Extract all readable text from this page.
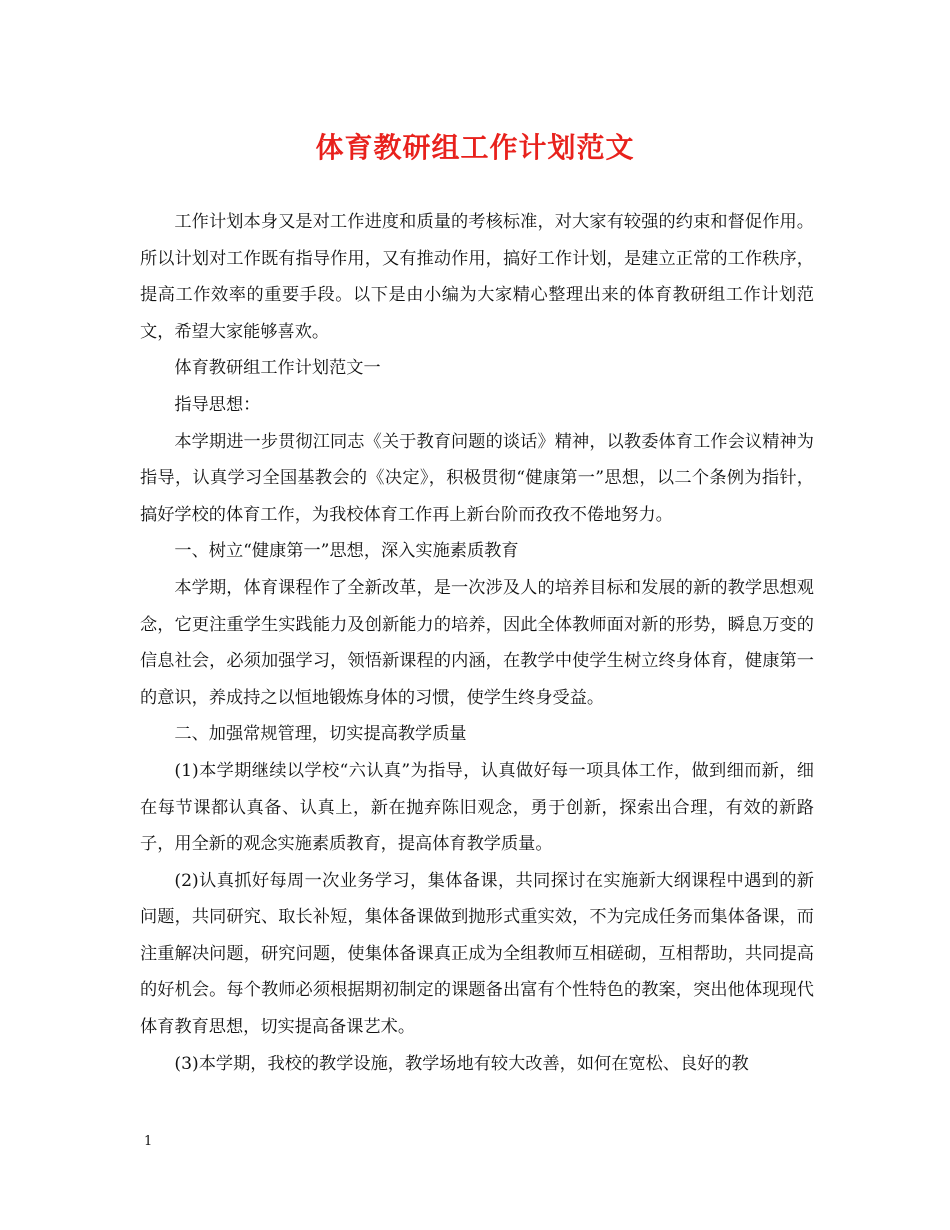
体育教研组工作计划范文

工作计划本身又是对工作进度和质量的考核标准，对大家有较强的约束和督促作用。所以计划对工作既有指导作用，又有推动作用，搞好工作计划，是建立正常的工作秩序，提高工作效率的重要手段。以下是由小编为大家精心整理出来的体育教研组工作计划范文，希望大家能够喜欢。

体育教研组工作计划范文一

指导思想：

本学期进一步贯彻江同志《关于教育问题的谈话》精神，以教委体育工作会议精神为指导，认真学习全国基教会的《决定》，积极贯彻“健康第一”思想，以二个条例为指针，搞好学校的体育工作，为我校体育工作再上新台阶而孜孜不倦地努力。

一、树立“健康第一”思想，深入实施素质教育

本学期，体育课程作了全新改革，是一次涉及人的培养目标和发展的新的教学思想观念，它更注重学生实践能力及创新能力的培养，因此全体教师面对新的形势，瞬息万变的信息社会，必须加强学习，领悟新课程的内涵，在教学中使学生树立终身体育，健康第一的意识，养成持之以恒地锻炼身体的习惯，使学生终身受益。

二、加强常规管理，切实提高教学质量

(1)本学期继续以学校“六认真”为指导，认真做好每一项具体工作，做到细而新，细在每节课都认真备、认真上，新在抛弃陈旧观念，勇于创新，探索出合理，有效的新路子，用全新的观念实施素质教育，提高体育教学质量。

(2)认真抓好每周一次业务学习，集体备课，共同探讨在实施新大纲课程中遇到的新问题，共同研究、取长补短，集体备课做到抛形式重实效，不为完成任务而集体备课，而注重解决问题，研究问题，使集体备课真正成为全组教师互相磋砌，互相帮助，共同提高的好机会。每个教师必须根据期初制定的课题备出富有个性特色的教案，突出他体现现代体育教育思想，切实提高备课艺术。

(3)本学期，我校的教学设施，教学场地有较大改善，如何在宽松、良好的教

1
